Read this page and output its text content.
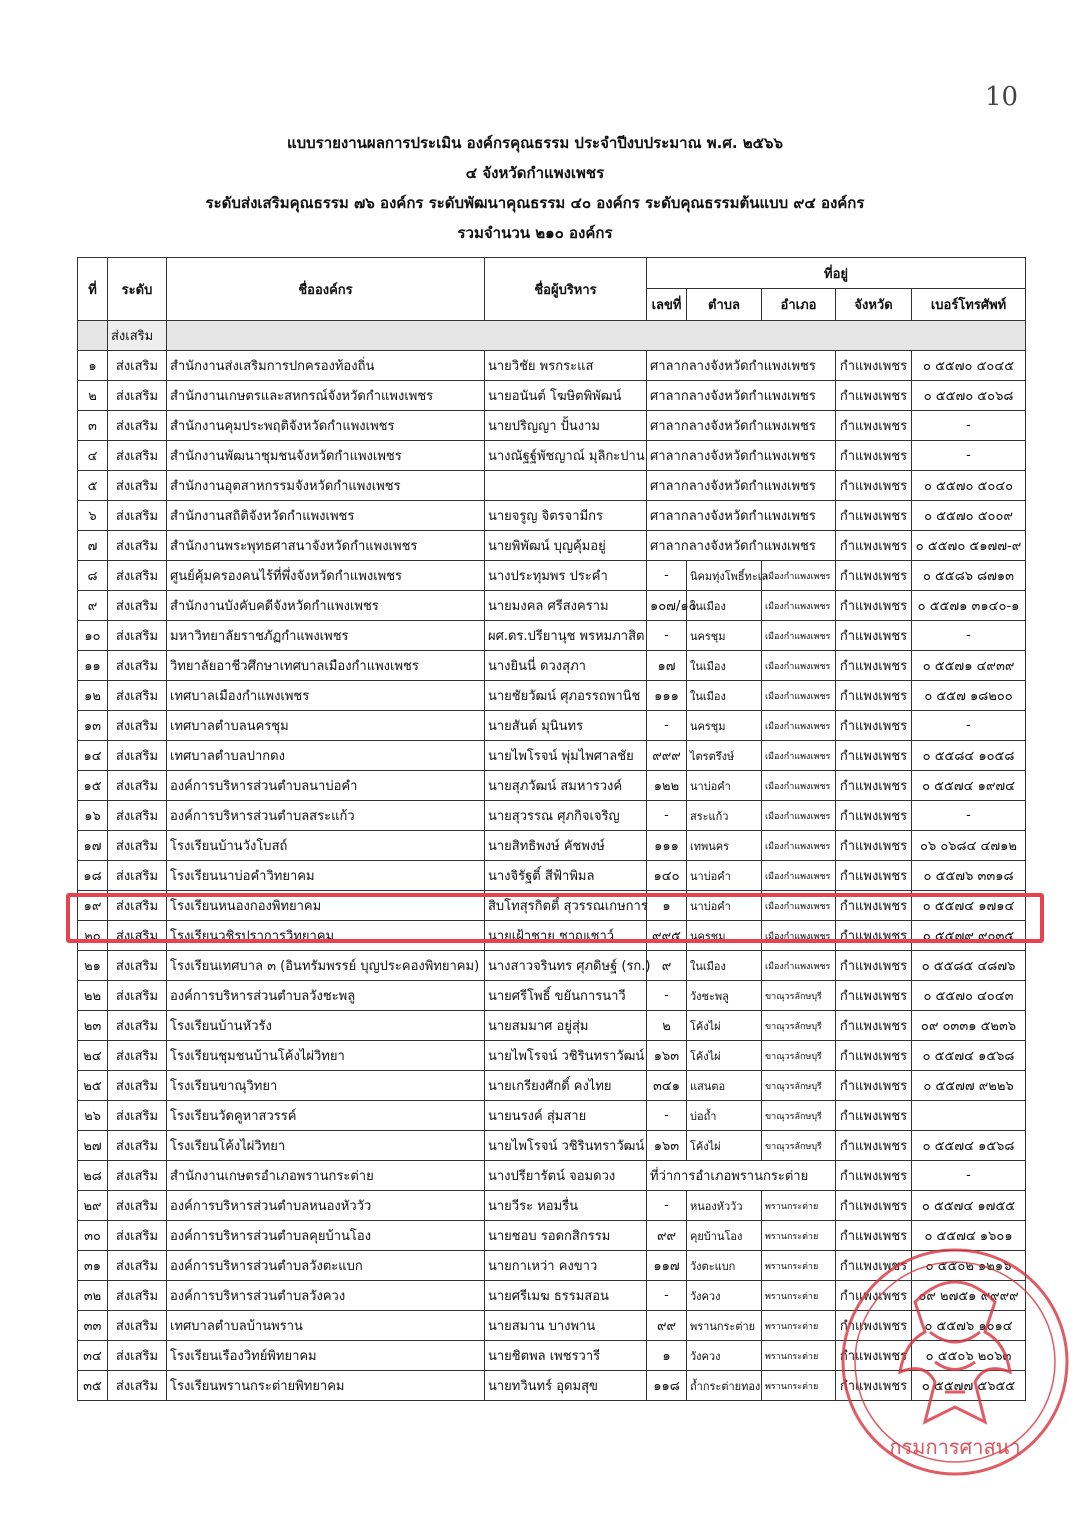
10
แบบรายงานผลการประเมิน องค์กรคุณธรรม ประจำปีงบประมาณ พ.ศ. ๒๕๖๖
๔ จังหวัดกำแพงเพชร
ระดับส่งเสริมคุณธรรม ๗๖ องค์กร ระดับพัฒนาคุณธรรม ๔๐ องค์กร ระดับคุณธรรมต้นแบบ ๙๔ องค์กร
รวมจำนวน ๒๑๐ องค์กร
ที่	ระดับ	ชื่อองค์กร	ชื่อผู้บริหาร	ที่อยู่				
				เลขที่	ตำบล	อำเภอ	จังหวัด	เบอร์โทรศัพท์
	ส่งเสริม							
๑	ส่งเสริม	สำนักงานส่งเสริมการปกครองท้องถิ่น	นายวิชัย พรกระแส	ศาลากลางจังหวัดกำแพงเพชร			กำแพงเพชร	๐ ๕๕๗๐ ๕๐๔๕
๒	ส่งเสริม	สำนักงานเกษตรและสหกรณ์จังหวัดกำแพงเพชร	นายอนันต์ โฆษิตพิพัฒน์	ศาลากลางจังหวัดกำแพงเพชร			กำแพงเพชร	๐ ๕๕๗๐ ๕๐๖๘
๓	ส่งเสริม	สำนักงานคุมประพฤติจังหวัดกำแพงเพชร	นายปริญญา ปั้นงาม	ศาลากลางจังหวัดกำแพงเพชร			กำแพงเพชร	-
๔	ส่งเสริม	สำนักงานพัฒนาชุมชนจังหวัดกำแพงเพชร	นางณัฐฐ์พัชญาณ์ มุลิกะปาน	ศาลากลางจังหวัดกำแพงเพชร			กำแพงเพชร	-
๕	ส่งเสริม	สำนักงานอุตสาหกรรมจังหวัดกำแพงเพชร		ศาลากลางจังหวัดกำแพงเพชร			กำแพงเพชร	๐ ๕๕๗๐ ๕๐๔๐
๖	ส่งเสริม	สำนักงานสถิติจังหวัดกำแพงเพชร	นายจรูญ จิตรจามีกร	ศาลากลางจังหวัดกำแพงเพชร			กำแพงเพชร	๐ ๕๕๗๐ ๕๐๐๙
๗	ส่งเสริม	สำนักงานพระพุทธศาสนาจังหวัดกำแพงเพชร	นายพิพัฒน์ บุญคุ้มอยู่	ศาลากลางจังหวัดกำแพงเพชร			กำแพงเพชร	๐ ๕๕๗๐ ๕๑๗๗-๙
๘	ส่งเสริม	ศูนย์คุ้มครองคนไร้ที่พึ่งจังหวัดกำแพงเพชร	นางประทุมพร ประคำ	-	นิคมทุ่งโพธิ์ทะเล	เมืองกำแพงเพชร	กำแพงเพชร	๐ ๕๕๘๖ ๘๗๑๓
๙	ส่งเสริม	สำนักงานบังคับคดีจังหวัดกำแพงเพชร	นายมงคล ศรีสงคราม	๑๐๗/๑๐	ในเมือง	เมืองกำแพงเพชร	กำแพงเพชร	๐ ๕๕๗๑ ๓๑๔๐-๑
๑๐	ส่งเสริม	มหาวิทยาลัยราชภัฏกำแพงเพชร	ผศ.ดร.ปรียานุช พรหมภาสิต	-	นครชุม	เมืองกำแพงเพชร	กำแพงเพชร	-
๑๑	ส่งเสริม	วิทยาลัยอาชีวศึกษาเทศบาลเมืองกำแพงเพชร	นางยินนี่ ดวงสุภา	๑๗	ในเมือง	เมืองกำแพงเพชร	กำแพงเพชร	๐ ๕๕๗๑ ๔๙๓๙
๑๒	ส่งเสริม	เทศบาลเมืองกำแพงเพชร	นายชัยวัฒน์ ศุภอรรถพานิช	๑๑๑	ในเมือง	เมืองกำแพงเพชร	กำแพงเพชร	๐ ๕๕๗ ๑๘๒๐๐
๑๓	ส่งเสริม	เทศบาลตำบลนครชุม	นายสันต์ มุนินทร	-	นครชุม	เมืองกำแพงเพชร	กำแพงเพชร	-
๑๔	ส่งเสริม	เทศบาลตำบลปากดง	นายไพโรจน์ พุ่มไพศาลชัย	๙๙๙	ไตรตรึงษ์	เมืองกำแพงเพชร	กำแพงเพชร	๐ ๕๕๘๔ ๑๐๕๘
๑๕	ส่งเสริม	องค์การบริหารส่วนตำบลนาบ่อคำ	นายสุภวัฒน์ สมหารวงค์	๑๒๒	นาบ่อคำ	เมืองกำแพงเพชร	กำแพงเพชร	๐ ๕๕๗๔ ๑๙๗๔
๑๖	ส่งเสริม	องค์การบริหารส่วนตำบลสระแก้ว	นายสุวรรณ ศุภกิจเจริญ	-	สระแก้ว	เมืองกำแพงเพชร	กำแพงเพชร	-
๑๗	ส่งเสริม	โรงเรียนบ้านวังโบสถ์	นายสิทธิพงษ์ คัชพงษ์	๑๑๑	เทพนคร	เมืองกำแพงเพชร	กำแพงเพชร	๐๖ ๐๖๘๔ ๔๗๑๒
๑๘	ส่งเสริม	โรงเรียนนาบ่อคำวิทยาคม	นางจิรัฐติ์ สีฟ้าพิมล	๑๔๐	นาบ่อคำ	เมืองกำแพงเพชร	กำแพงเพชร	๐ ๕๕๗๖ ๓๓๑๘
๑๙	ส่งเสริม	โรงเรียนหนองกองพิทยาคม	สิบโทสุรกิตติ์ สุวรรณเกษการ	๑	นาบ่อคำ	เมืองกำแพงเพชร	กำแพงเพชร	๐ ๕๕๗๔ ๑๗๑๔
๒๐	ส่งเสริม	โรงเรียนวชิรปราการวิทยาคม	นายเฝ้าชาย ชาญเชาว์	๙๙๕	นครชุม	เมืองกำแพงเพชร	กำแพงเพชร	๐ ๕๕๗๙ ๙๐๓๕
๒๑	ส่งเสริม	โรงเรียนเทศบาล ๓ (อินทรัมพรรย์ บุญประคองพิทยาคม)	นางสาวจรินทร ศุภดิษฐ์ (รก.)	๙	ในเมือง	เมืองกำแพงเพชร	กำแพงเพชร	๐ ๕๕๘๕ ๔๘๗๖
๒๒	ส่งเสริม	องค์การบริหารส่วนตำบลวังชะพลู	นายศรีโพธิ์ ขยันการนาวี	-	วังชะพลู	ขาณุวรลักษบุรี	กำแพงเพชร	๐ ๕๕๗๐ ๔๐๔๓
๒๓	ส่งเสริม	โรงเรียนบ้านหัวรัง	นายสมมาศ อยู่สุ่ม	๒	โค้งไผ่	ขาณุวรลักษบุรี	กำแพงเพชร	๐๙ ๐๓๓๑ ๕๒๓๖
๒๔	ส่งเสริม	โรงเรียนชุมชนบ้านโค้งไผ่วิทยา	นายไพโรจน์ วชิรินทราวัฒน์	๑๖๓	โค้งไผ่	ขาณุวรลักษบุรี	กำแพงเพชร	๐ ๕๕๗๔ ๑๕๖๘
๒๕	ส่งเสริม	โรงเรียนขาณุวิทยา	นายเกรียงศักดิ์ คงไทย	๓๔๑	แสนตอ	ขาณุวรลักษบุรี	กำแพงเพชร	๐ ๕๕๗๗ ๙๒๒๖
๒๖	ส่งเสริม	โรงเรียนวัดคูหาสวรรค์	นายนรงค์ สุ่มสาย	-	บ่อถ้ำ	ขาณุวรลักษบุรี	กำแพงเพชร	
๒๗	ส่งเสริม	โรงเรียนโค้งไผ่วิทยา	นายไพโรจน์ วชิรินทราวัฒน์	๑๖๓	โค้งไผ่	ขาณุวรลักษบุรี	กำแพงเพชร	๐ ๕๕๗๔ ๑๕๖๘
๒๘	ส่งเสริม	สำนักงานเกษตรอำเภอพรานกระต่าย	นางปรียารัตน์ จอมดวง	ที่ว่าการอำเภอพรานกระต่าย			กำแพงเพชร	-
๒๙	ส่งเสริม	องค์การบริหารส่วนตำบลหนองหัววัว	นายวีระ หอมรื่น	-	หนองหัววัว	พรานกระต่าย	กำแพงเพชร	๐ ๕๕๗๔ ๑๗๕๕
๓๐	ส่งเสริม	องค์การบริหารส่วนตำบลคุยบ้านโอง	นายชอบ รอดกสิกรรม	๙๙	คุยบ้านโอง	พรานกระต่าย	กำแพงเพชร	๐ ๕๕๗๔ ๑๖๐๑
๓๑	ส่งเสริม	องค์การบริหารส่วนตำบลวังตะแบก	นายกาเหว่า คงขาว	๑๑๗	วังตะแบก	พรานกระต่าย	กำแพงเพชร	๐ ๕๕๐๒ ๑๒๑๖
๓๒	ส่งเสริม	องค์การบริหารส่วนตำบลวังควง	นายศรีเมฆ ธรรมสอน	-	วังควง	พรานกระต่าย	กำแพงเพชร	๐๙ ๒๗๕๑ ๙๙๙๙
๓๓	ส่งเสริม	เทศบาลตำบลบ้านพราน	นายสมาน บางพาน	๙๙	พรานกระต่าย	พรานกระต่าย	กำแพงเพชร	๐ ๕๕๗๖ ๑๐๑๔
๓๔	ส่งเสริม	โรงเรียนเรืองวิทย์พิทยาคม	นายชิตพล เพชรวารี	๑	วังควง	พรานกระต่าย	กำแพงเพชร	๐ ๕๕๐๖ ๒๐๖๓
๓๕	ส่งเสริม	โรงเรียนพรานกระต่ายพิทยาคม	นายทวินทร์ อุดมสุข	๑๑๘	ถ้ำกระต่ายทอง	พรานกระต่าย	กำแพงเพชร	๐ ๕๕๗๗ ๕๖๕๕
กรมการศาสนา
